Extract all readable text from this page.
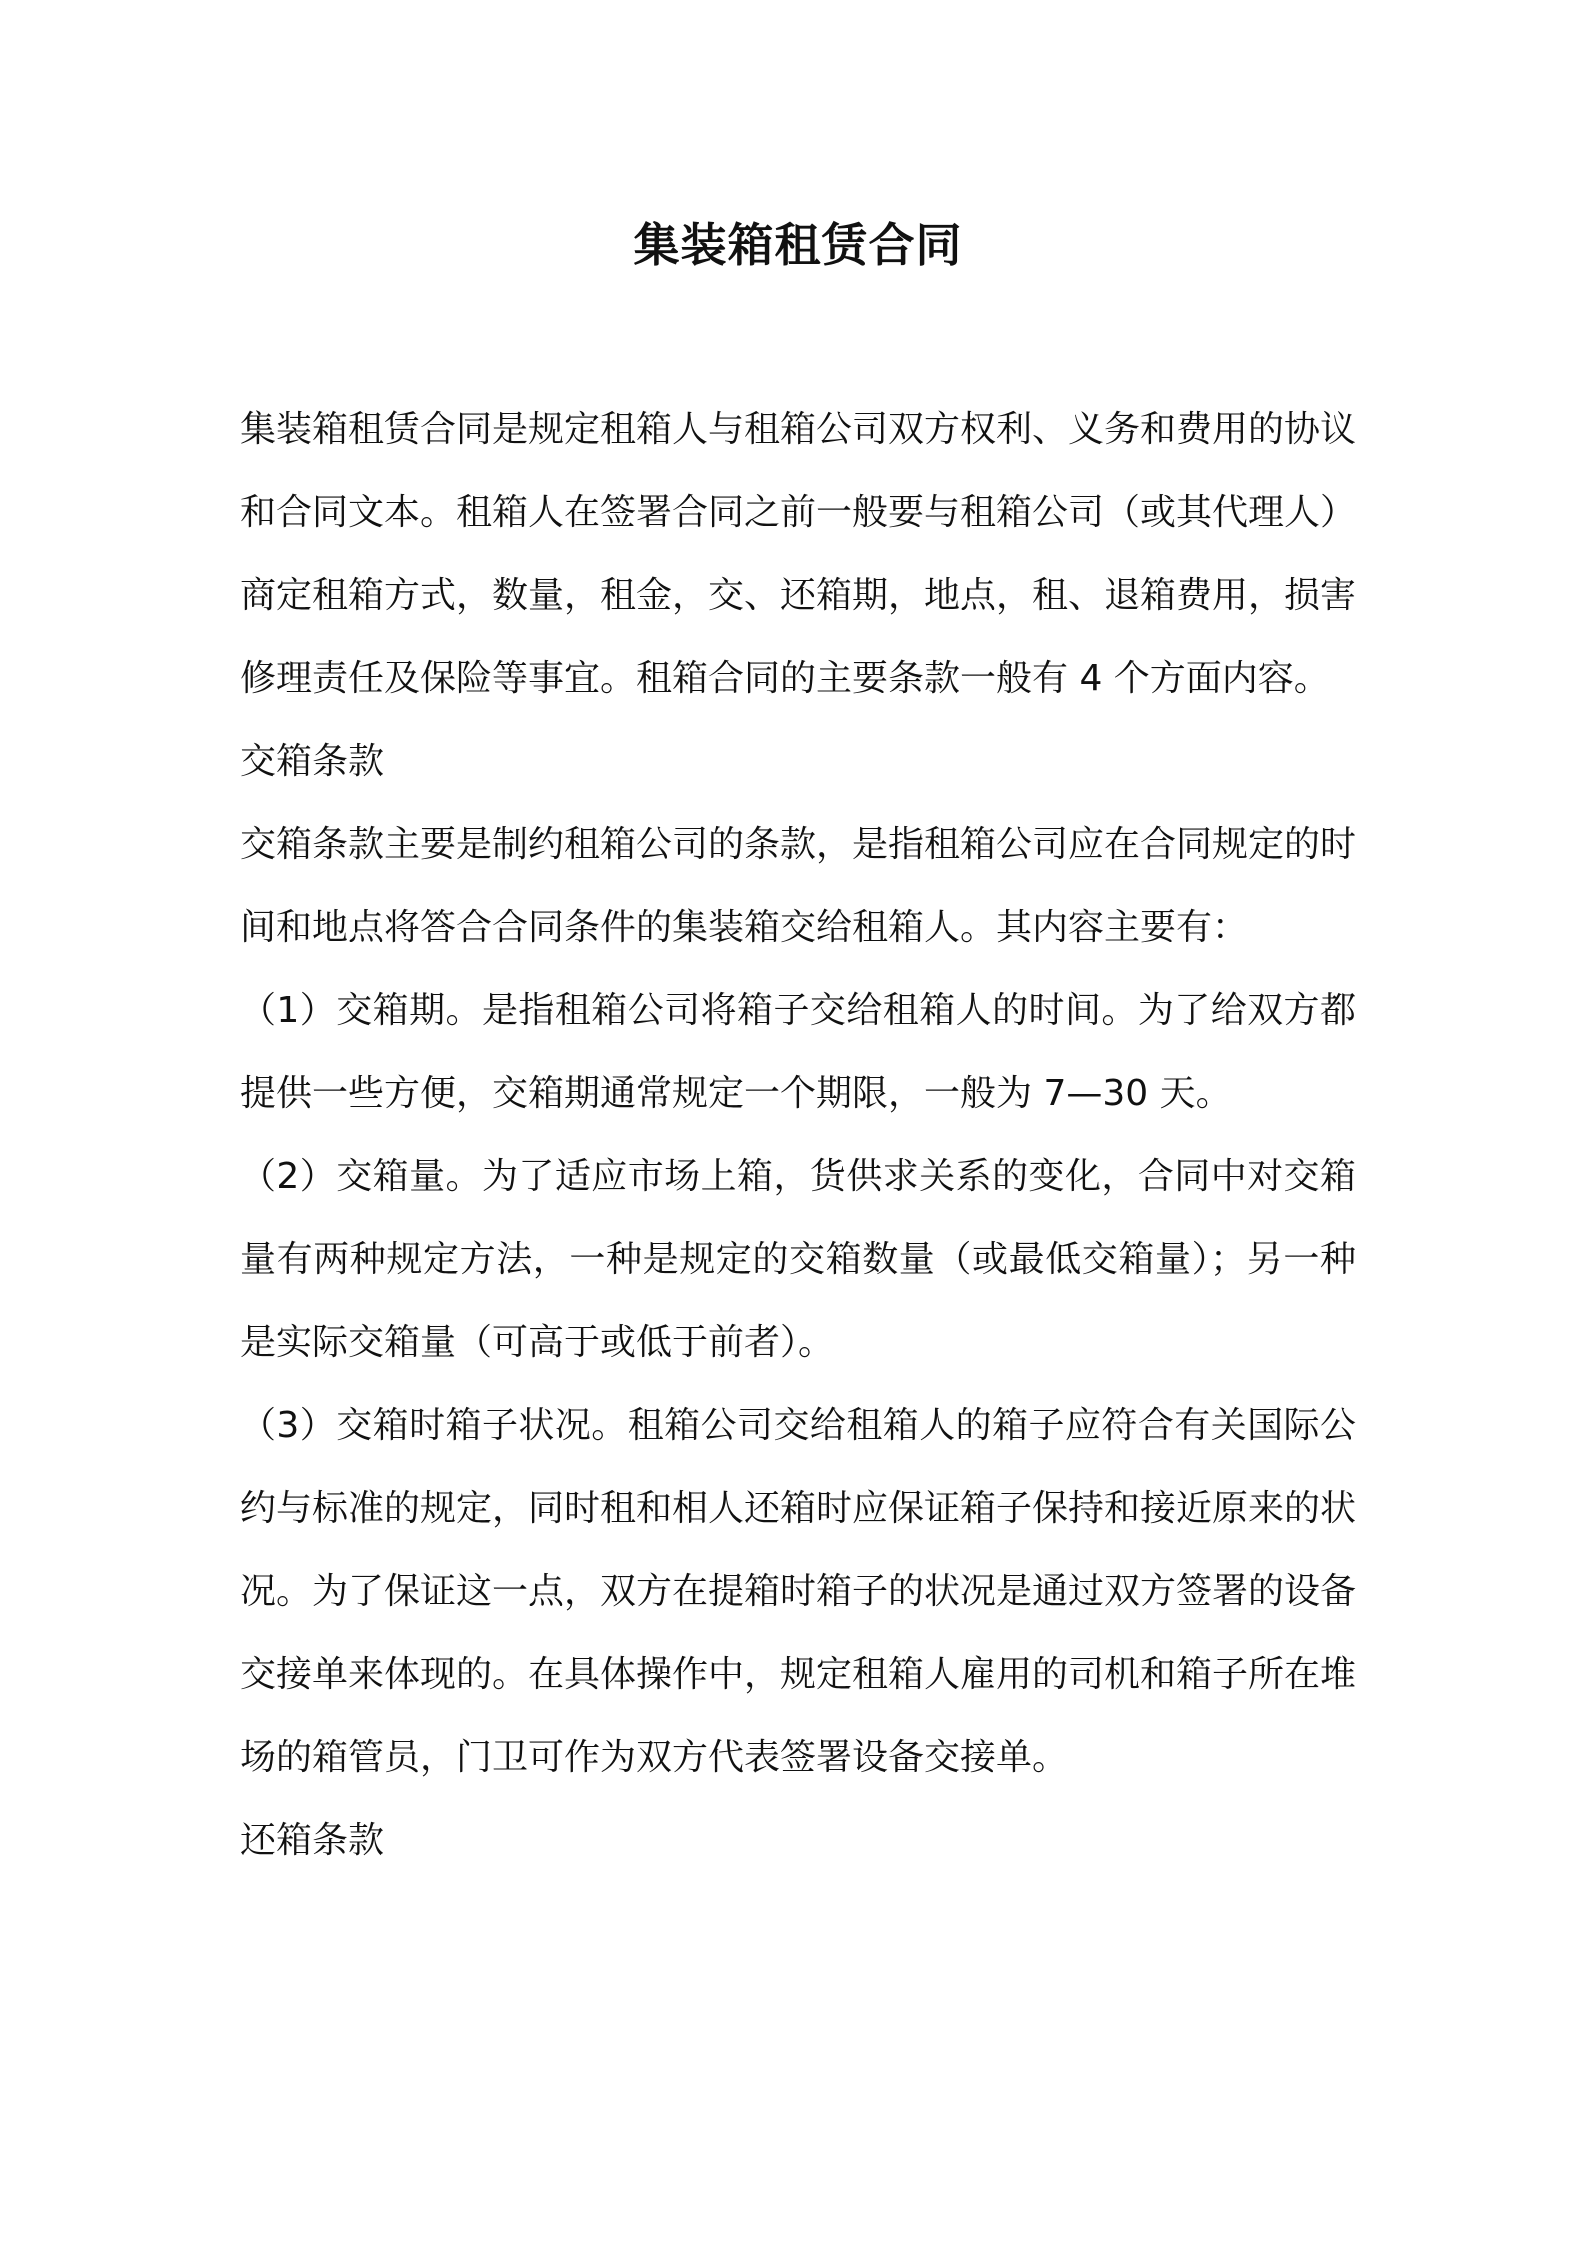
集装箱租赁合同

集装箱租赁合同是规定租箱人与租箱公司双方权利、义务和费用的协议和合同文本。租箱人在签署合同之前一般要与租箱公司（或其代理人）商定租箱方式，数量，租金，交、还箱期，地点，租、退箱费用，损害修理责任及保险等事宜。租箱合同的主要条款一般有 4 个方面内容。

交箱条款

交箱条款主要是制约租箱公司的条款，是指租箱公司应在合同规定的时间和地点将答合合同条件的集装箱交给租箱人。其内容主要有：

（1）交箱期。是指租箱公司将箱子交给租箱人的时间。为了给双方都提供一些方便，交箱期通常规定一个期限，一般为 7—30 天。

（2）交箱量。为了适应市场上箱，货供求关系的变化，合同中对交箱量有两种规定方法，一种是规定的交箱数量（或最低交箱量）；另一种是实际交箱量（可高于或低于前者）。

（3）交箱时箱子状况。租箱公司交给租箱人的箱子应符合有关国际公约与标准的规定，同时租和相人还箱时应保证箱子保持和接近原来的状况。为了保证这一点，双方在提箱时箱子的状况是通过双方签署的设备交接单来体现的。在具体操作中，规定租箱人雇用的司机和箱子所在堆场的箱管员，门卫可作为双方代表签署设备交接单。

还箱条款
